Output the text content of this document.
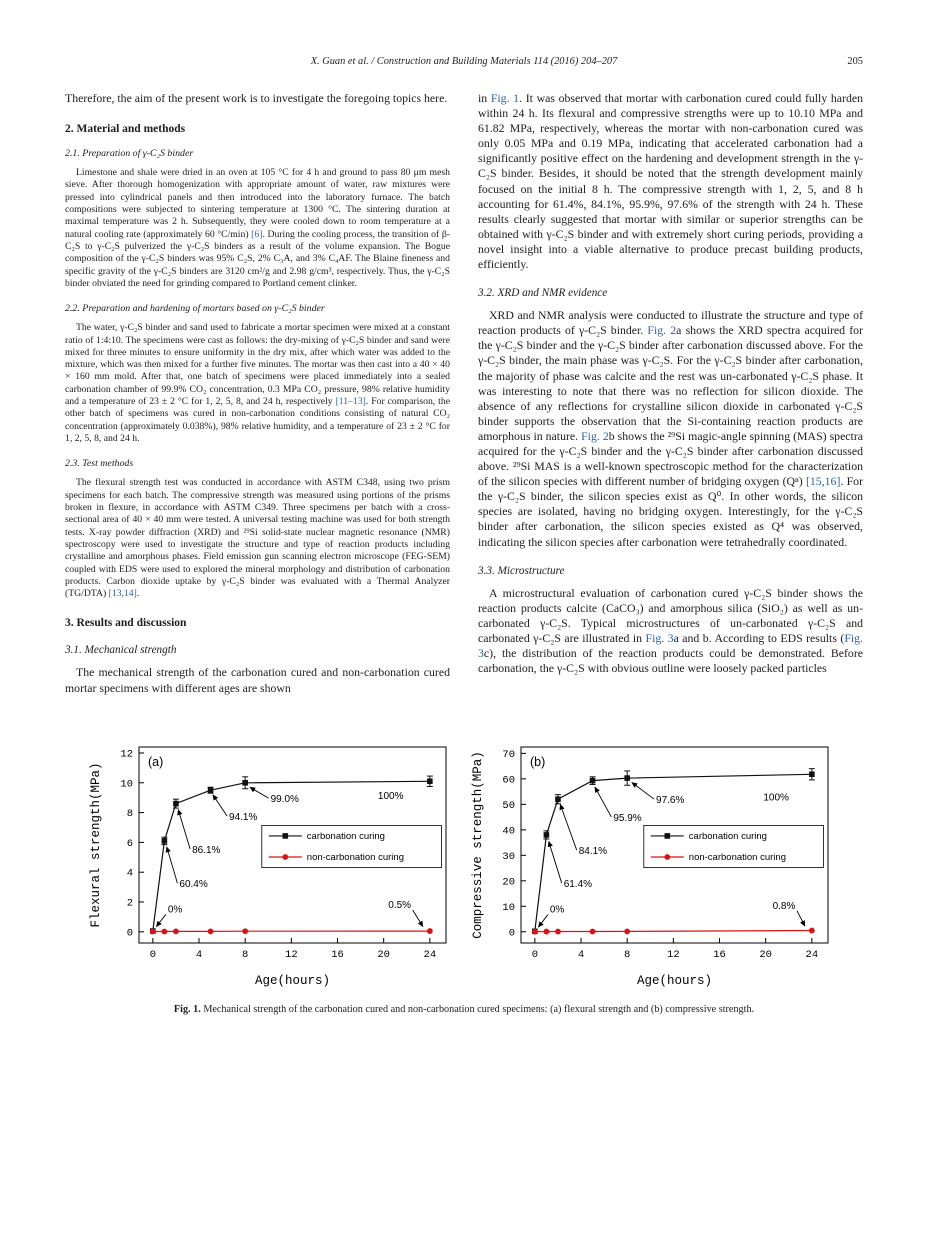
X. Guan et al. / Construction and Building Materials 114 (2016) 204–207	205

Therefore, the aim of the present work is to investigate the foregoing topics here.

2. Material and methods
2.1. Preparation of γ-C₂S binder

Limestone and shale were dried in an oven at 105 °C for 4 h and ground to pass 80 μm mesh sieve. After thorough homogenization with appropriate amount of water, raw mixtures were pressed into cylindrical panels and then introduced into the laboratory furnace. The batch compositions were subjected to sintering temperature at 1300 °C. The sintering duration at maximal temperature was 2 h. Subsequently, they were cooled down to room temperature at a natural cooling rate (approximately 60 °C/min) [6]. During the cooling process, the transition of β-C₂S to γ-C₂S pulverized the γ-C₂S binders as a result of the volume expansion. The Bogue composition of the γ-C₂S binders was 95% C₂S, 2% C₃A, and 3% C₄AF. The Blaine fineness and specific gravity of the γ-C₂S binders are 3120 cm²/g and 2.98 g/cm³, respectively. Thus, the γ-C₂S binder obviated the need for grinding compared to Portland cement clinker.

2.2. Preparation and hardening of mortars based on γ-C₂S binder

The water, γ-C₂S binder and sand used to fabricate a mortar specimen were mixed at a constant ratio of 1:4:10. The specimens were cast as follows: the dry-mixing of γ-C₂S binder and sand were mixed for three minutes to ensure uniformity in the dry mix, after which water was added to the mixture, which was then mixed for a further five minutes. The mortar was then cast into a 40 × 40 × 160 mm mold. After that, one batch of specimens were placed immediately into a sealed carbonation chamber of 99.9% CO₂ concentration, 0.3 MPa CO₂ pressure, 98% relative humidity and a temperature of 23 ± 2 °C for 1, 2, 5, 8, and 24 h, respectively [11–13]. For comparison, the other batch of specimens was cured in non-carbonation conditions consisting of natural CO₂ concentration (approximately 0.038%), 98% relative humidity, and a temperature of 23 ± 2 °C for 1, 2, 5, 8, and 24 h.

2.3. Test methods

The flexural strength test was conducted in accordance with ASTM C348, using two prism specimens for each batch. The compressive strength was measured using portions of the prisms broken in flexure, in accordance with ASTM C349. Three specimens per batch with a cross-sectional area of 40 × 40 mm were tested. A universal testing machine was used for both strength tests. X-ray powder diffraction (XRD) and ²⁹Si solid-state nuclear magnetic resonance (NMR) spectroscopy were used to investigate the structure and type of reaction products including crystalline and amorphous phases. Field emission gun scanning electron microscope (FEG-SEM) coupled with EDS were used to explored the mineral morphology and distribution of carbonation products. Carbon dioxide uptake by γ-C₂S binder was evaluated with a Thermal Analyzer (TG/DTA) [13,14].

3. Results and discussion
3.1. Mechanical strength

The mechanical strength of the carbonation cured and non-carbonation cured mortar specimens with different ages are shown

in Fig. 1. It was observed that mortar with carbonation cured could fully harden within 24 h. Its flexural and compressive strengths were up to 10.10 MPa and 61.82 MPa, respectively, whereas the mortar with non-carbonation cured was only 0.05 MPa and 0.19 MPa, indicating that accelerated carbonation had a significantly positive effect on the hardening and development strength in the γ-C₂S binder. Besides, it should be noted that the strength development mainly focused on the initial 8 h. The compressive strength with 1, 2, 5, and 8 h accounting for 61.4%, 84.1%, 95.9%, 97.6% of the strength with 24 h. These results clearly suggested that mortar with similar or superior strengths can be obtained with γ-C₂S binder and with extremely short curing periods, providing a novel insight into a viable alternative to produce precast building products, efficiently.

3.2. XRD and NMR evidence

XRD and NMR analysis were conducted to illustrate the structure and type of reaction products of γ-C₂S binder. Fig. 2a shows the XRD spectra acquired for the γ-C₂S binder and the γ-C₂S binder after carbonation discussed above. For the γ-C₂S binder, the main phase was γ-C₂S. For the γ-C₂S binder after carbonation, the majority of phase was calcite and the rest was un-carbonated γ-C₂S phase. It was interesting to note that there was no reflection for silicon dioxide. The absence of any reflections for crystalline silicon dioxide in carbonated γ-C₂S binder supports the observation that the Si-containing reaction products are amorphous in nature. Fig. 2b shows the ²⁹Si magic-angle spinning (MAS) spectra acquired for the γ-C₂S binder and the γ-C₂S binder after carbonation discussed above. ²⁹Si MAS is a well-known spectroscopic method for the characterization of the silicon species with different number of bridging oxygen (Qⁿ) [15,16]. For the γ-C₂S binder, the silicon species exist as Q⁰. In other words, the silicon species are isolated, having no bridging oxygen. Interestingly, for the γ-C₂S binder after carbonation, the silicon species existed as Q⁴ was observed, indicating the silicon species after carbonation were tetrahedrally coordinated.

3.3. Microstructure

A microstructural evaluation of carbonation cured γ-C₂S binder shows the reaction products calcite (CaCO₃) and amorphous silica (SiO₂) as well as un-carbonated γ-C₂S. Typical microstructures of un-carbonated γ-C₂S and carbonated γ-C₂S are illustrated in Fig. 3a and b. According to EDS results (Fig. 3c), the distribution of the reaction products could be demonstrated. Before carbonation, the γ-C₂S with obvious outline were loosely packed particles

0	4	8	12	16	20	24
0
2
4
6
8
10
12
Age(hours)
Flexural strength(MPa)
(a)
0%
60.4%
86.1%
94.1%
99.0%	100%
0.5%
carbonation curing
non-carbonation curing
0	4	8	12	16	20	24
0
10
20
30
40
50
60
70
Age(hours)
Compressive strength(MPa)	(b)
0%
61.4%
84.1%
95.9%
97.6%	100%
0.8%
carbonation curing
non-carbonation curing
Fig. 1. Mechanical strength of the carbonation cured and non-carbonation cured specimens: (a) flexural strength and (b) compressive strength.
